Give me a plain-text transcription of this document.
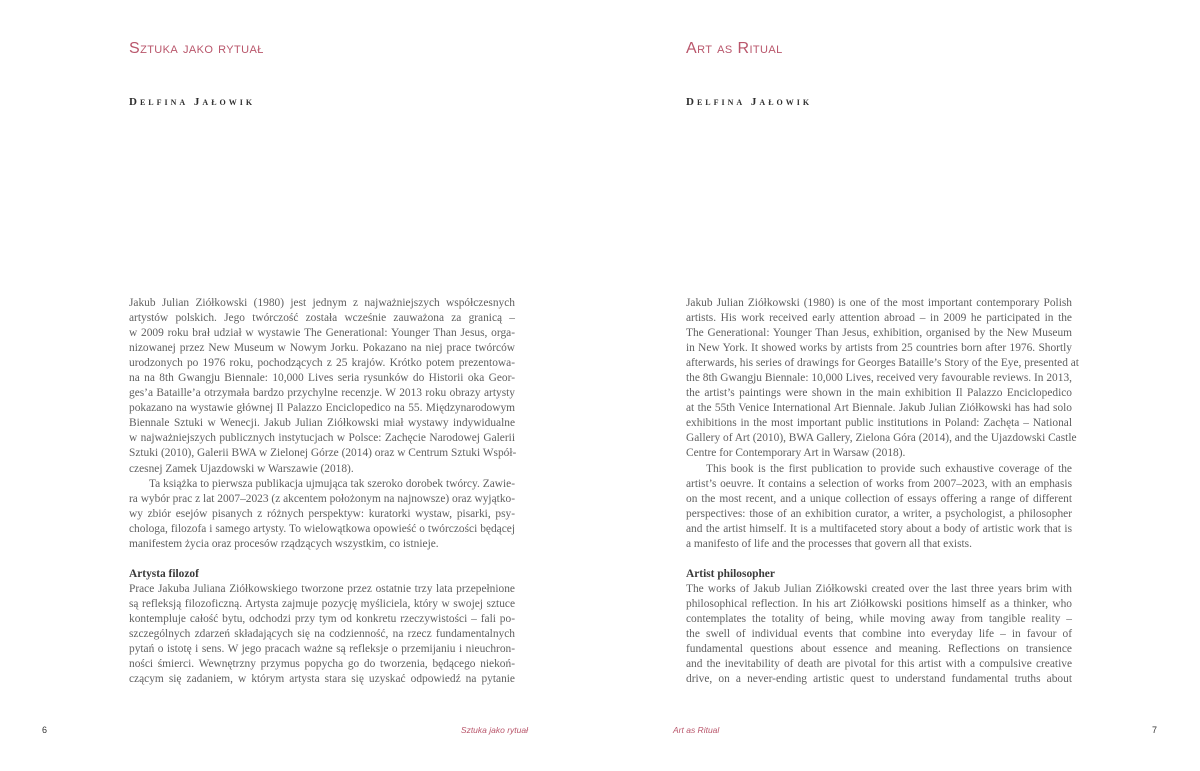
Sztuka jako rytuał
Delfina Jałowik
Jakub Julian Ziółkowski (1980) jest jednym z najważniejszych współczesnych
artystów polskich. Jego twórczość została wcześnie zauważona za granicą –
w 2009 roku brał udział w wystawie The Generational: Younger Than Jesus, orga-
nizowanej przez New Museum w Nowym Jorku. Pokazano na niej prace twórców
urodzonych po 1976 roku, pochodzących z 25 krajów. Krótko potem prezentowa-
na na 8th Gwangju Biennale: 10,000 Lives seria rysunków do Historii oka Geor-
ges’a Bataille’a otrzymała bardzo przychylne recenzje. W 2013 roku obrazy artysty
pokazano na wystawie głównej Il Palazzo Enciclopedico na 55. Międzynarodowym
Biennale Sztuki w Wenecji. Jakub Julian Ziółkowski miał wystawy indywidualne
w najważniejszych publicznych instytucjach w Polsce: Zachęcie Narodowej Galerii
Sztuki (2010), Galerii BWA w Zielonej Górze (2014) oraz w Centrum Sztuki Współ-
czesnej Zamek Ujazdowski w Warszawie (2018).
Ta książka to pierwsza publikacja ujmująca tak szeroko dorobek twórcy. Zawie-
ra wybór prac z lat 2007–2023 (z akcentem położonym na najnowsze) oraz wyjątko-
wy zbiór esejów pisanych z różnych perspektyw: kuratorki wystaw, pisarki, psy-
chologa, filozofa i samego artysty. To wielowątkowa opowieść o twórczości będącej
manifestem życia oraz procesów rządzących wszystkim, co istnieje.
Artysta filozof
Prace Jakuba Juliana Ziółkowskiego tworzone przez ostatnie trzy lata przepełnione
są refleksją filozoficzną. Artysta zajmuje pozycję myśliciela, który w swojej sztuce
kontempluje całość bytu, odchodzi przy tym od konkretu rzeczywistości – fali po-
szczególnych zdarzeń składających się na codzienność, na rzecz fundamentalnych
pytań o istotę i sens. W jego pracach ważne są refleksje o przemijaniu i nieuchron-
ności śmierci. Wewnętrzny przymus popycha go do tworzenia, będącego niekoń-
czącym się zadaniem, w którym artysta stara się uzyskać odpowiedź na pytanie
6	Sztuka jako rytuał
Art as Ritual
Delfina Jałowik
Jakub Julian Ziółkowski (1980) is one of the most important contemporary Polish
artists. His work received early attention abroad – in 2009 he participated in the
The Generational: Younger Than Jesus, exhibition, organised by the New Museum
in New York. It showed works by artists from 25 countries born after 1976. Shortly
afterwards, his series of drawings for Georges Bataille’s Story of the Eye, presented at
the 8th Gwangju Biennale: 10,000 Lives, received very favourable reviews. In 2013,
the artist’s paintings were shown in the main exhibition Il Palazzo Enciclopedico
at the 55th Venice International Art Biennale. Jakub Julian Ziółkowski has had solo
exhibitions in the most important public institutions in Poland: Zachęta – National
Gallery of Art (2010), BWA Gallery, Zielona Góra (2014), and the Ujazdowski Castle
Centre for Contemporary Art in Warsaw (2018).
This book is the first publication to provide such exhaustive coverage of the
artist’s oeuvre. It contains a selection of works from 2007–2023, with an emphasis
on the most recent, and a unique collection of essays offering a range of different
perspectives: those of an exhibition curator, a writer, a psychologist, a philosopher
and the artist himself. It is a multifaceted story about a body of artistic work that is
a manifesto of life and the processes that govern all that exists.
Artist philosopher
The works of Jakub Julian Ziółkowski created over the last three years brim with
philosophical reflection. In his art Ziółkowski positions himself as a thinker, who
contemplates the totality of being, while moving away from tangible reality –
the swell of individual events that combine into everyday life – in favour of
fundamental questions about essence and meaning. Reflections on transience
and the inevitability of death are pivotal for this artist with a compulsive creative
drive, on a never-ending artistic quest to understand fundamental truths about
Art as Ritual	7
